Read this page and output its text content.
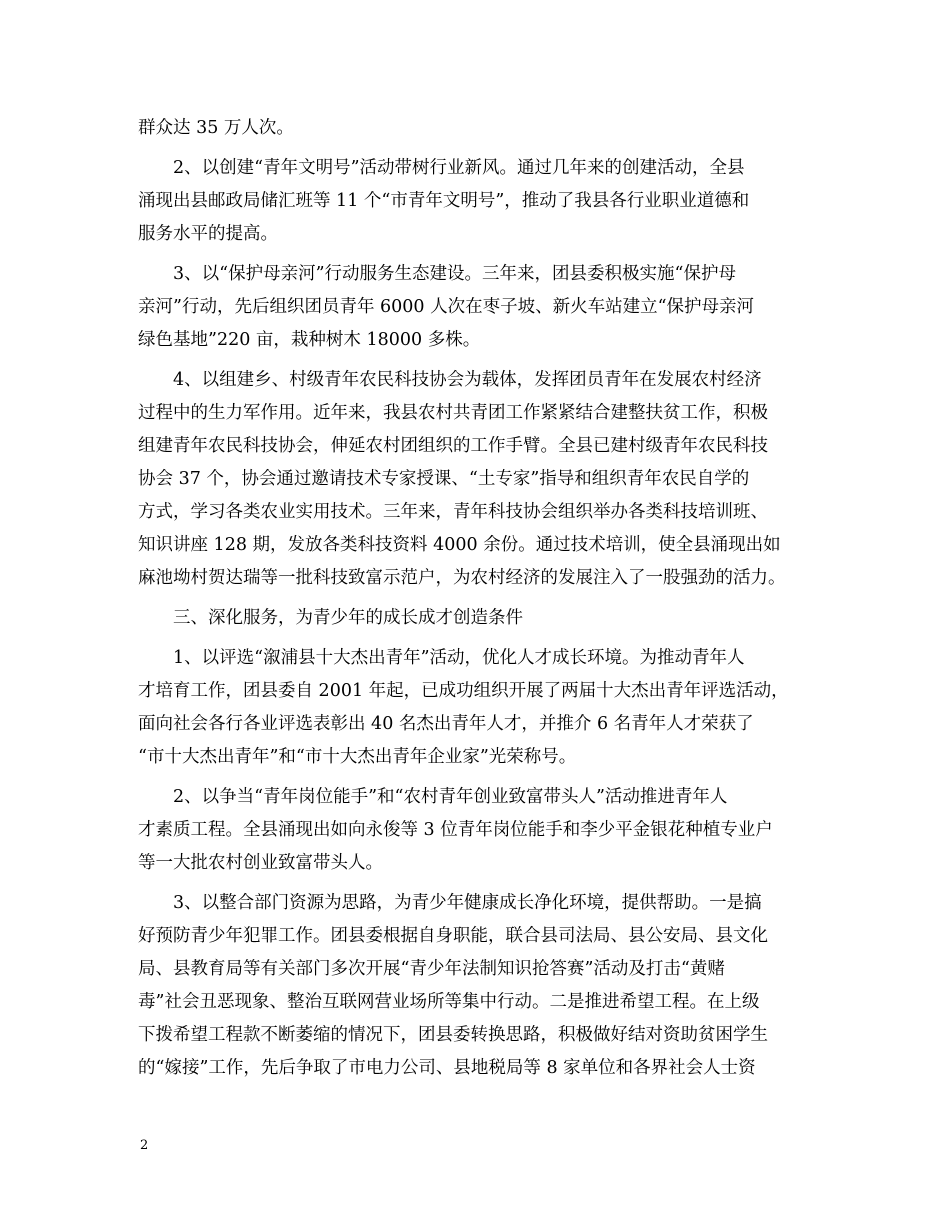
群众达 35 万人次。
2、以创建“青年文明号”活动带树行业新风。通过几年来的创建活动，全县
涌现出县邮政局储汇班等 11 个“市青年文明号”，推动了我县各行业职业道德和
服务水平的提高。
3、以“保护母亲河”行动服务生态建设。三年来，团县委积极实施“保护母
亲河”行动，先后组织团员青年 6000 人次在枣子坡、新火车站建立“保护母亲河
绿色基地”220 亩，栽种树木 18000 多株。
4、以组建乡、村级青年农民科技协会为载体，发挥团员青年在发展农村经济
过程中的生力军作用。近年来，我县农村共青团工作紧紧结合建整扶贫工作，积极
组建青年农民科技协会，伸延农村团组织的工作手臂。全县已建村级青年农民科技
协会 37 个，协会通过邀请技术专家授课、“土专家”指导和组织青年农民自学的
方式，学习各类农业实用技术。三年来，青年科技协会组织举办各类科技培训班、
知识讲座 128 期，发放各类科技资料 4000 余份。通过技术培训，使全县涌现出如
麻池坳村贺达瑞等一批科技致富示范户，为农村经济的发展注入了一股强劲的活力。
三、深化服务，为青少年的成长成才创造条件
1、以评选“溆浦县十大杰出青年”活动，优化人才成长环境。为推动青年人
才培育工作，团县委自 2001 年起，已成功组织开展了两届十大杰出青年评选活动，
面向社会各行各业评选表彰出 40 名杰出青年人才，并推介 6 名青年人才荣获了
“市十大杰出青年”和“市十大杰出青年企业家”光荣称号。
2、以争当“青年岗位能手”和“农村青年创业致富带头人”活动推进青年人
才素质工程。全县涌现出如向永俊等 3 位青年岗位能手和李少平金银花种植专业户
等一大批农村创业致富带头人。
3、以整合部门资源为思路，为青少年健康成长净化环境，提供帮助。一是搞
好预防青少年犯罪工作。团县委根据自身职能，联合县司法局、县公安局、县文化
局、县教育局等有关部门多次开展“青少年法制知识抢答赛”活动及打击“黄赌
毒”社会丑恶现象、整治互联网营业场所等集中行动。二是推进希望工程。在上级
下拨希望工程款不断萎缩的情况下，团县委转换思路，积极做好结对资助贫困学生
的“嫁接”工作，先后争取了市电力公司、县地税局等 8 家单位和各界社会人士资
2
